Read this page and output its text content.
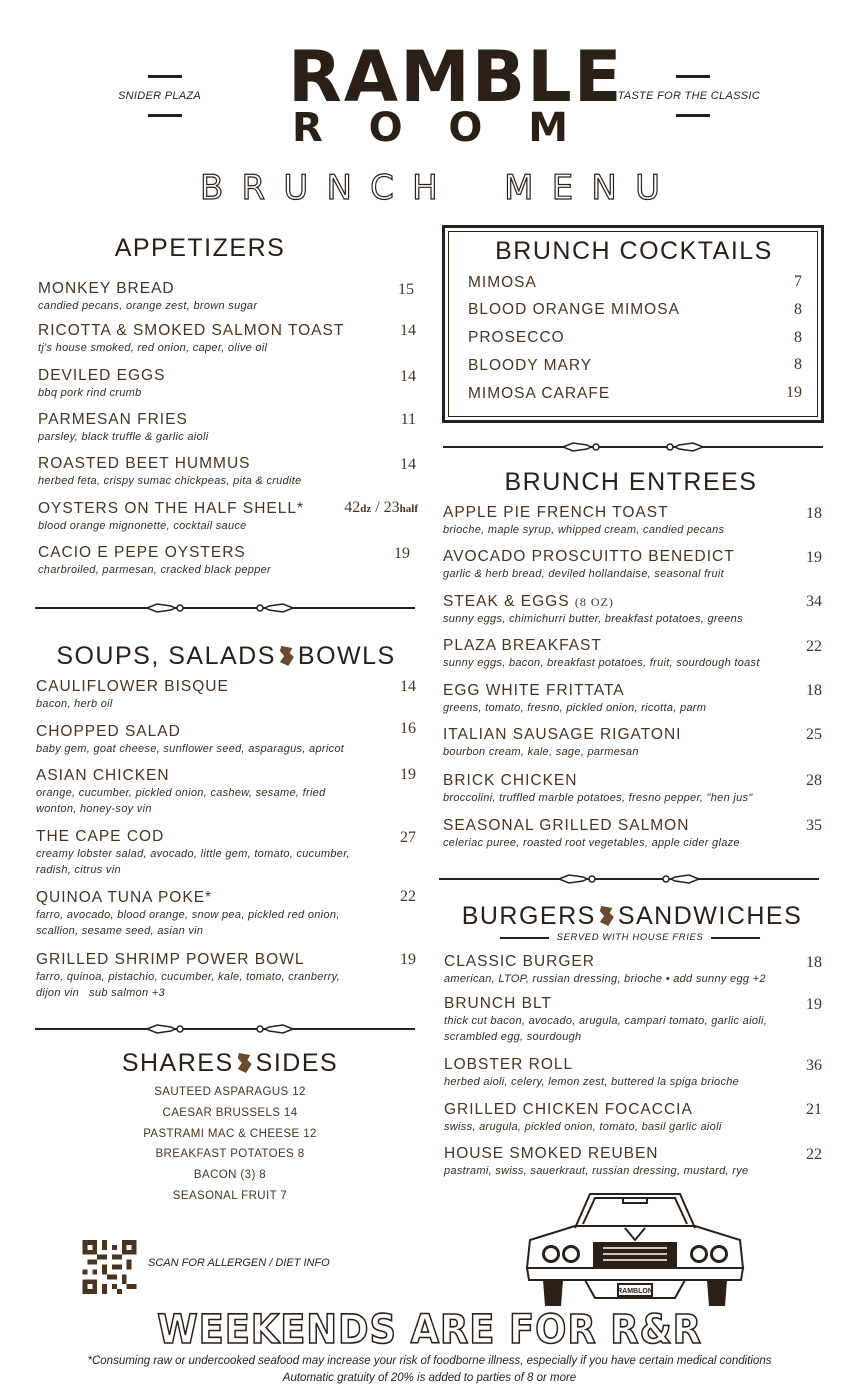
SNIDER PLAZA	A TASTE FOR THE CLASSIC
RAMBLE
R O O M
B R U N C H M E N U
APPETIZERS
MONKEY BREAD
candied pecans, orange zest, brown sugar
15
RICOTTA & SMOKED SALMON TOAST
tj's house smoked, red onion, caper, olive oil
14
DEVILED EGGS
bbq pork rind crumb
14
PARMESAN FRIES
parsley, black truffle & garlic aioli
11
ROASTED BEET HUMMUS
herbed feta, crispy sumac chickpeas, pita & crudite
14
OYSTERS ON THE HALF SHELL*
blood orange mignonette, cocktail sauce
42dz / 23half
CACIO E PEPE OYSTERS
charbroiled, parmesan, cracked black pepper
19
SOUPS, SALADS BOWLS
CAULIFLOWER BISQUE
bacon, herb oil
14
CHOPPED SALAD
baby gem, goat cheese, sunflower seed, asparagus, apricot
16
ASIAN CHICKEN
orange, cucumber, pickled onion, cashew, sesame, fried wonton, honey-soy vin
19
THE CAPE COD
creamy lobster salad, avocado, little gem, tomato, cucumber, radish, citrus vin
27
QUINOA TUNA POKE*
farro, avocado, blood orange, snow pea, pickled red onion, scallion, sesame seed, asian vin
22
GRILLED SHRIMP POWER BOWL
farro, quinoa, pistachio, cucumber, kale, tomato, cranberry, dijon vin   sub salmon +3
19
SHARES SIDES
SAUTEED ASPARAGUS 12
CAESAR BRUSSELS 14
PASTRAMI MAC & CHEESE 12
BREAKFAST POTATOES 8
BACON (3) 8
SEASONAL FRUIT 7
BRUNCH COCKTAILS
MIMOSA	7
BLOOD ORANGE MIMOSA	8
PROSECCO	8
BLOODY MARY	8
MIMOSA CARAFE	19
BRUNCH ENTREES
APPLE PIE FRENCH TOAST
brioche, maple syrup, whipped cream, candied pecans
18
AVOCADO PROSCUITTO BENEDICT
garlic & herb bread, deviled hollandaise, seasonal fruit
19
STEAK & EGGS (8 OZ)
sunny eggs, chimichurri butter, breakfast potatoes, greens
34
PLAZA BREAKFAST
sunny eggs, bacon, breakfast potatoes, fruit, sourdough toast
22
EGG WHITE FRITTATA
greens, tomato, fresno, pickled onion, ricotta, parm
18
ITALIAN SAUSAGE RIGATONI
bourbon cream, kale, sage, parmesan
25
BRICK CHICKEN
broccolini, truffled marble potatoes, fresno pepper, "hen jus"
28
SEASONAL GRILLED SALMON
celeriac puree, roasted root vegetables, apple cider glaze
35
BURGERS SANDWICHES
SERVED WITH HOUSE FRIES
CLASSIC BURGER
american, LTOP, russian dressing, brioche • add sunny egg +2
18
BRUNCH BLT
thick cut bacon, avocado, arugula, campari tomato, garlic aioli, scrambled egg, sourdough
19
LOBSTER ROLL
herbed aioli, celery, lemon zest, buttered la spiga brioche
36
GRILLED CHICKEN FOCACCIA
swiss, arugula, pickled onion, tomato, basil garlic aioli
21
HOUSE SMOKED REUBEN
pastrami, swiss, sauerkraut, russian dressing, mustard, rye
22
SCAN FOR ALLERGEN / DIET INFO
RAMBLON
WEEKENDS ARE FOR R&R
*Consuming raw or undercooked seafood may increase your risk of foodborne illness, especially if you have certain medical conditions
Automatic gratuity of 20% is added to parties of 8 or more
